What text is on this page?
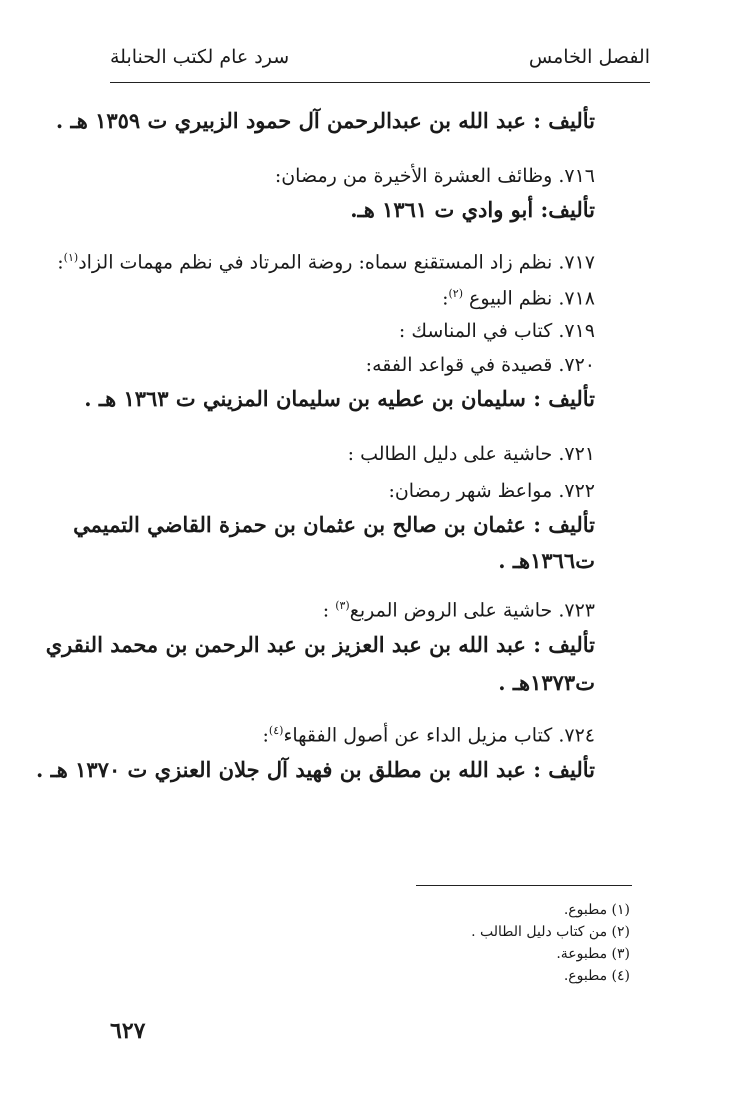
الفصل الخامس
سرد عام لكتب الحنابلة
تأليف : عبد الله بن عبدالرحمن آل حمود الزبيري ت ١٣٥٩ هـ .
٧١٦. وظائف العشرة الأخيرة من رمضان:
تأليف: أبو وادي ت ١٣٦١ هـ.
٧١٧. نظم زاد المستقنع سماه: روضة المرتاد في نظم مهمات الزاد$^{(١)}$:
٧١٨. نظم البيوع $^{(٢)}$:
٧١٩. كتاب في المناسك :
٧٢٠. قصيدة في قواعد الفقه:
تأليف : سليمان بن عطيه بن سليمان المزيني ت ١٣٦٣ هـ .
٧٢١. حاشية على دليل الطالب :
٧٢٢. مواعظ شهر رمضان:
تأليف : عثمان بن صالح بن عثمان بن حمزة القاضي التميمي
ت١٣٦٦هـ .
٧٢٣. حاشية على الروض المربع$^{(٣)}$ :
تأليف : عبد الله بن عبد العزيز بن عبد الرحمن بن محمد النقري
ت١٣٧٣هـ .
٧٢٤. كتاب مزيل الداء عن أصول الفقهاء$^{(٤)}$:
تأليف : عبد الله بن مطلق بن فهيد آل جلان العنزي ت ١٣٧٠ هـ .
(١) مطبوع.
(٢) من كتاب دليل الطالب .
(٣) مطبوعة.
(٤) مطبوع.
٦٢٧
